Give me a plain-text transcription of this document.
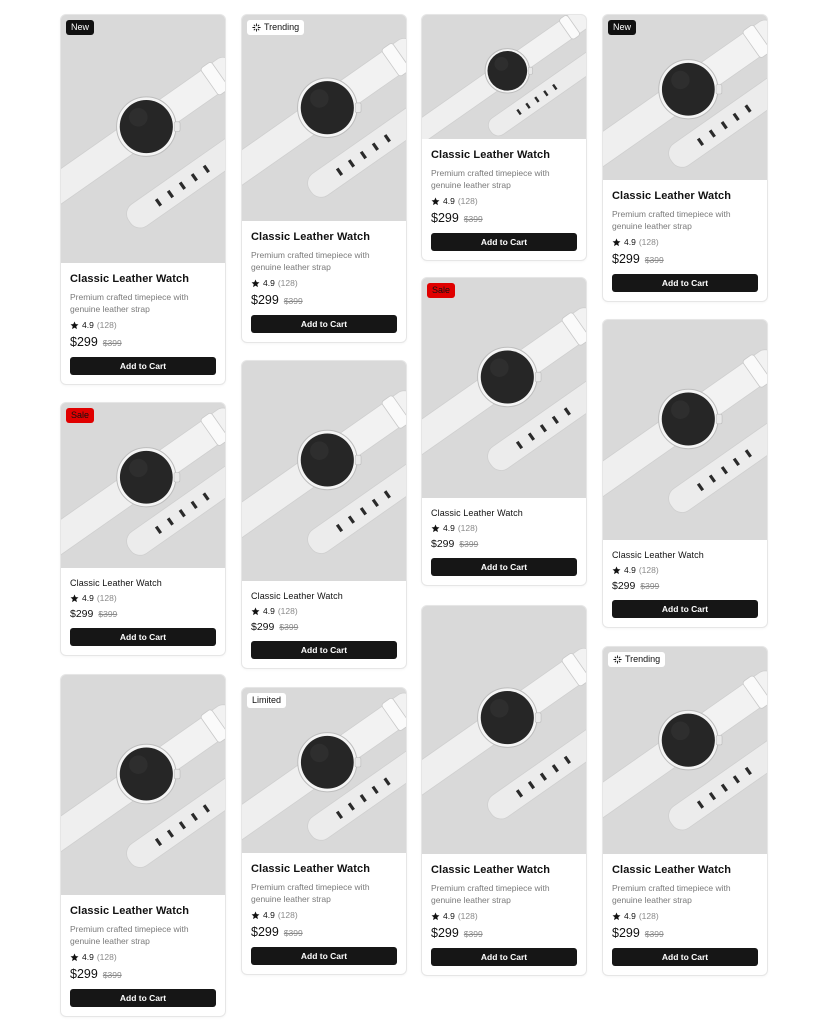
New
Classic Leather Watch
Premium crafted timepiece with
genuine leather strap
4.9 (128)
$299 $399
Add to Cart
Trending
Classic Leather Watch
Premium crafted timepiece with
genuine leather strap
4.9 (128)
$299 $399
Add to Cart
Classic Leather Watch
Premium crafted timepiece with
genuine leather strap
4.9 (128)
$299 $399
Add to Cart
New
Classic Leather Watch
Premium crafted timepiece with
genuine leather strap
4.9 (128)
$299 $399
Add to Cart
Sale
Classic Leather Watch
4.9 (128)
$299 $399
Add to Cart
Classic Leather Watch
4.9 (128)
$299 $399
Add to Cart
Sale
Classic Leather Watch
4.9 (128)
$299 $399
Add to Cart
Classic Leather Watch
4.9 (128)
$299 $399
Add to Cart
Classic Leather Watch
Premium crafted timepiece with
genuine leather strap
4.9 (128)
$299 $399
Add to Cart
Limited
Classic Leather Watch
Premium crafted timepiece with
genuine leather strap
4.9 (128)
$299 $399
Add to Cart
Classic Leather Watch
Premium crafted timepiece with
genuine leather strap
4.9 (128)
$299 $399
Add to Cart
Trending
Classic Leather Watch
Premium crafted timepiece with
genuine leather strap
4.9 (128)
$299 $399
Add to Cart
